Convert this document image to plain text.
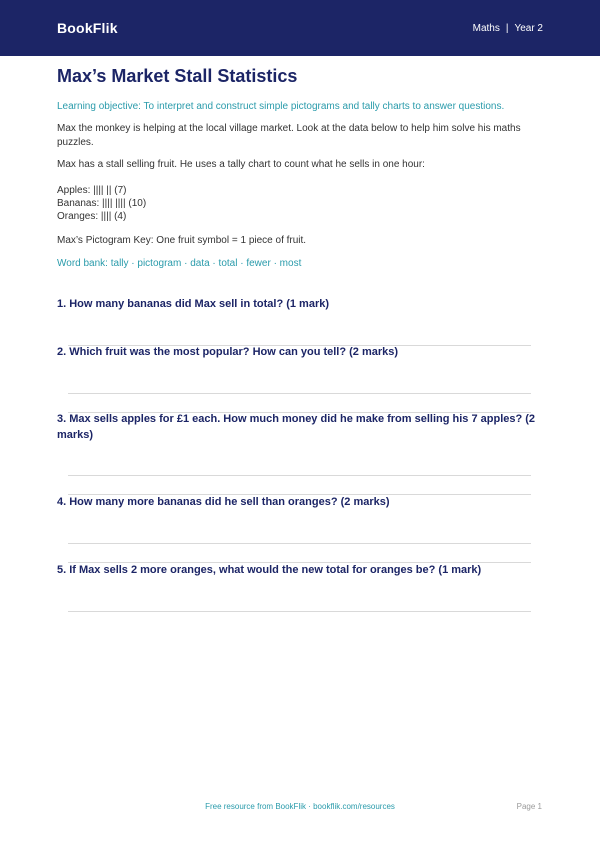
BookFlik	Maths | Year 2
Max’s Market Stall Statistics
Learning objective: To interpret and construct simple pictograms and tally charts to answer questions.

Max the monkey is helping at the local village market. Look at the data below to help him solve his maths puzzles.

Max has a stall selling fruit. He uses a tally chart to count what he sells in one hour:

Apples: |||| || (7)
Bananas: |||| |||| (10)
Oranges: |||| (4)
Max’s Pictogram Key: One fruit symbol = 1 piece of fruit.
Word bank: tally · pictogram · data · total · fewer · most
1. How many bananas did Max sell in total? (1 mark)
2. Which fruit was the most popular? How can you tell? (2 marks)
3. Max sells apples for £1 each. How much money did he make from selling his 7 apples? (2 marks)
4. How many more bananas did he sell than oranges? (2 marks)
5. If Max sells 2 more oranges, what would the new total for oranges be? (1 mark)
Free resource from BookFlik · bookflik.com/resources	Page 1
